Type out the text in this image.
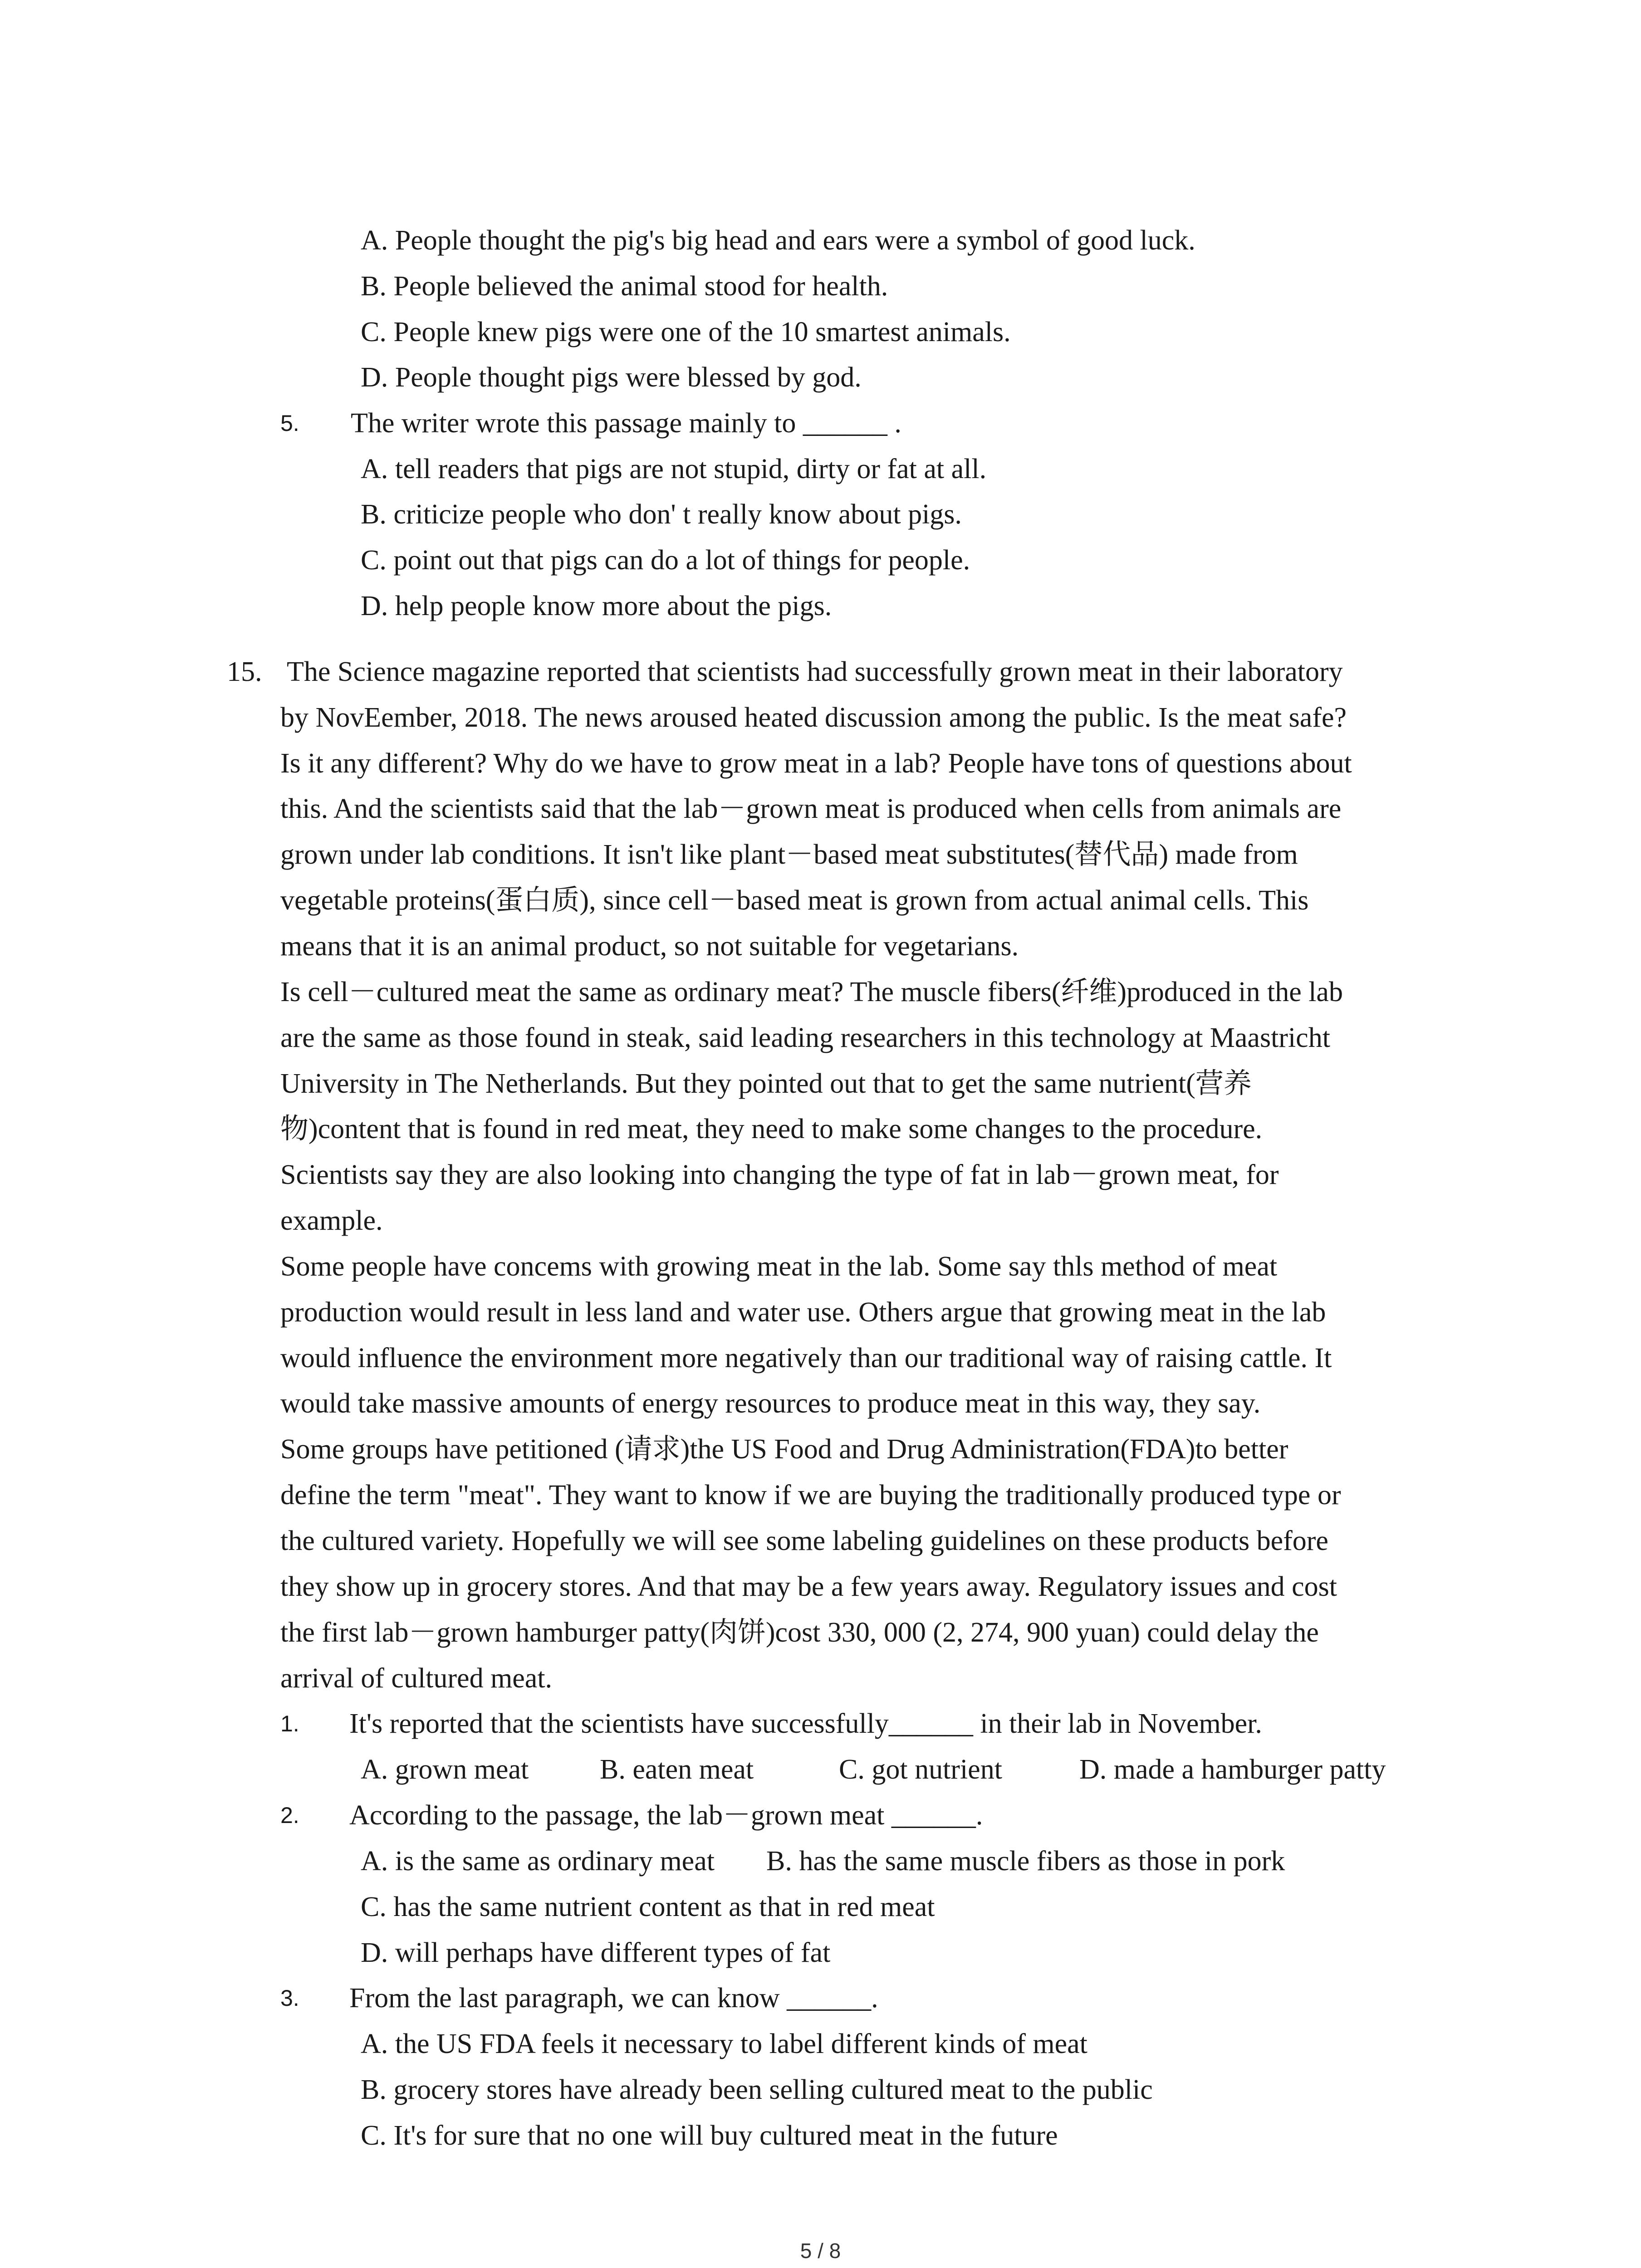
A. People thought the pig's big head and ears were a symbol of good luck.
B. People believed the animal stood for health.
C. People knew pigs were one of the 10 smartest animals.
D. People thought pigs were blessed by god.
5. The writer wrote this passage mainly to ______ .
A. tell readers that pigs are not stupid, dirty or fat at all.
B. criticize people who don' t really know about pigs.
C. point out that pigs can do a lot of things for people.
D. help people know more about the pigs.
15. The Science magazine reported that scientists had successfully grown meat in their laboratory
by NovEember, 2018. The news aroused heated discussion among the public. Is the meat safe?
Is it any different? Why do we have to grow meat in a lab? People have tons of questions about
this. And the scientists said that the lab－grown meat is produced when cells from animals are
grown under lab conditions. It isn't like plant－based meat substitutes(替代品) made from
vegetable proteins(蛋白质), since cell－based meat is grown from actual animal cells. This
means that it is an animal product, so not suitable for vegetarians.
Is cell－cultured meat the same as ordinary meat? The muscle fibers(纤维)produced in the lab
are the same as those found in steak, said leading researchers in this technology at Maastricht
University in The Netherlands. But they pointed out that to get the same nutrient(营养
物)content that is found in red meat, they need to make some changes to the procedure.
Scientists say they are also looking into changing the type of fat in lab－grown meat, for
example.
Some people have concems with growing meat in the lab. Some say thls method of meat
production would result in less land and water use. Others argue that growing meat in the lab
would influence the environment more negatively than our traditional way of raising cattle. It
would take massive amounts of energy resources to produce meat in this way, they say.
Some groups have petitioned (请求)the US Food and Drug Administration(FDA)to better
define the term "meat". They want to know if we are buying the traditionally produced type or
the cultured variety. Hopefully we will see some labeling guidelines on these products before
they show up in grocery stores. And that may be a few years away. Regulatory issues and cost
the first lab－grown hamburger patty(肉饼)cost 330, 000 (2, 274, 900 yuan) could delay the
arrival of cultured meat.
1. It's reported that the scientists have successfully______ in their lab in November.
A. grown meat	B. eaten meat	C. got nutrient	D. made a hamburger patty
2. According to the passage, the lab－grown meat ______.
A. is the same as ordinary meat B. has the same muscle fibers as those in pork
C. has the same nutrient content as that in red meat
D. will perhaps have different types of fat
3. From the last paragraph, we can know ______.
A. the US FDA feels it necessary to label different kinds of meat
B. grocery stores have already been selling cultured meat to the public
C. It's for sure that no one will buy cultured meat in the future
5 / 8
